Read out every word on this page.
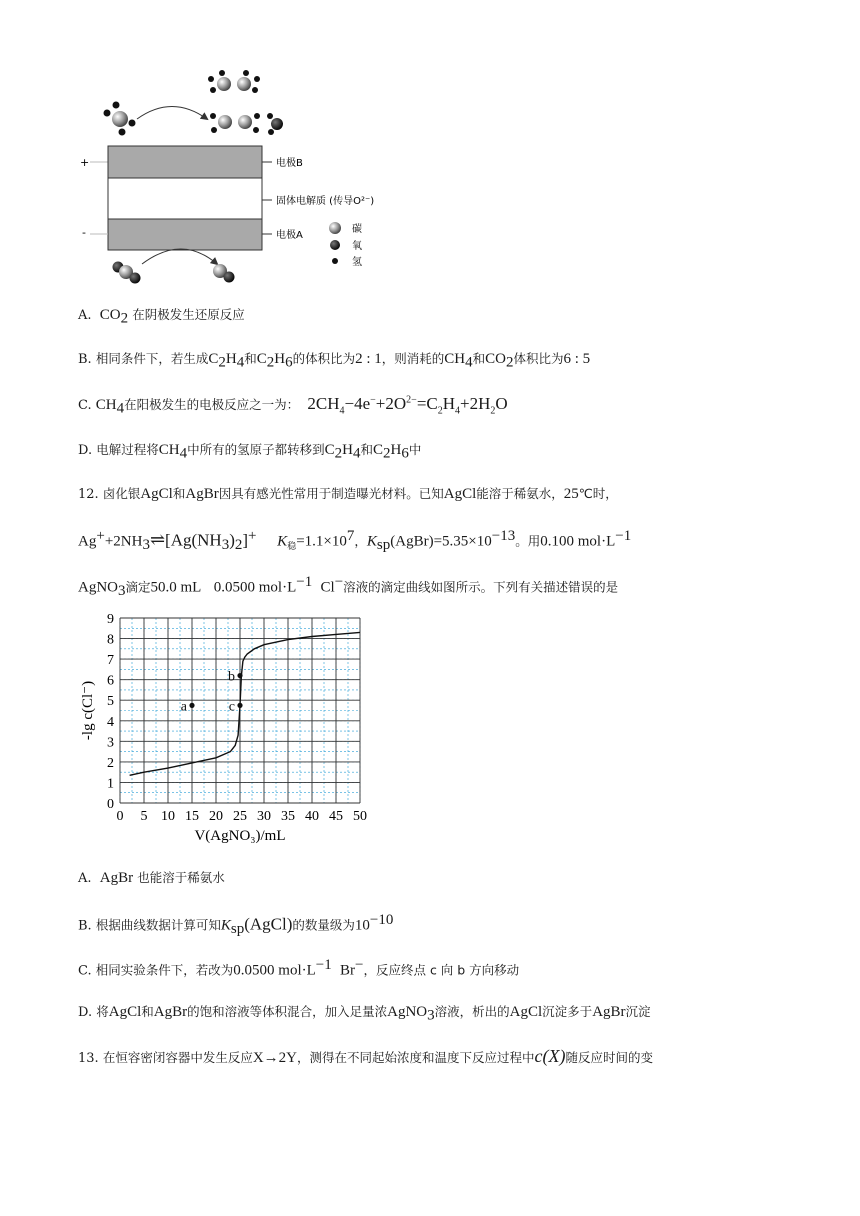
+
-
电极B
固体电解质 (传导O²⁻)
电极A
碳
氧
氢
A. $CO_2$ 在阴极发生还原反应
B. 相同条件下，若生成$C_2H_4$和$C_2H_6$的体积比为2 : 1，则消耗的$CH_4$和$CO_2$体积比为6 : 5
C. $CH_4$在阳极发生的电极反应之一为： $2CH_4-4e^-+2O^{2-}=C_2H_4+2H_2O$
D. 电解过程将$CH_4$中所有的氢原子都转移到$C_2H_4$和$C_2H_6$中
12. 卤化银AgCl和AgBr因具有感光性常用于制造曝光材料。已知AgCl能溶于稀氨水，25℃时，
$Ag^++2NH_3\rightleftharpoons[Ag(NH_3)_2]^+$ $K_稳=1.1\times 10^7$，$K_{sp}(AgBr)=5.35\times 10^{-13}$。用0.100 $mol\cdot L^{-1}$
AgNO$_3$滴定50.0 mL 0.0500 $mol\cdot L^{-1}$ Cl−溶液的滴定曲线如图所示。下列有关描述错误的是
0 5 10 15 20 25 30 35 40 45 50
0
1
2
3
4
5
6
7
8
9
V(AgNO₃)/mL
-lg c(Cl⁻)	a
b
c
A. AgBr 也能溶于稀氨水
B. 根据曲线数据计算可知$K_{sp}(AgCl)$的数量级为$10^{-10}$
C. 相同实验条件下，若改为0.0500 $mol\cdot L^{-1}$ Br−，反应终点 c 向 b 方向移动
D. 将AgCl和AgBr的饱和溶液等体积混合，加入足量浓AgNO$_3$溶液，析出的AgCl沉淀多于AgBr沉淀
13. 在恒容密闭容器中发生反应X→2Y，测得在不同起始浓度和温度下反应过程中c(X)随反应时间的变
